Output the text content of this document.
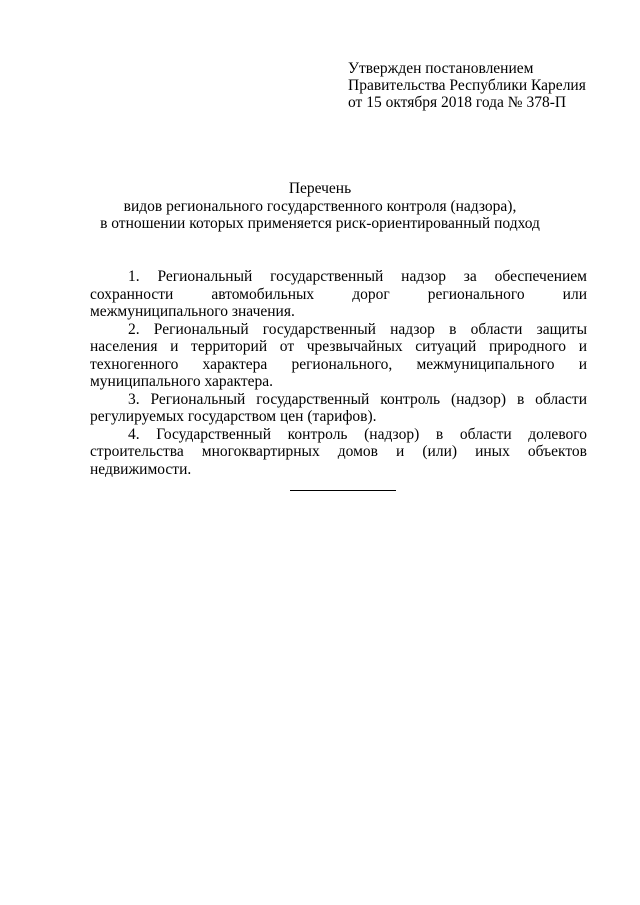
Утвержден постановлением
Правительства Республики Карелия
от 15 октября 2018 года № 378-П
Перечень
видов регионального государственного контроля (надзора),
в отношении которых применяется риск-ориентированный подход

1. Региональный государственный надзор за обеспечением сохранности автомобильных дорог регионального или межмуниципального значения.

2. Региональный государственный надзор в области защиты населения и территорий от чрезвычайных ситуаций природного и техногенного характера регионального, межмуниципального и муниципального характера.

3. Региональный государственный контроль (надзор) в области регулируемых государством цен (тарифов).

4. Государственный контроль (надзор) в области долевого строительства многоквартирных домов и (или) иных объектов недвижимости.
